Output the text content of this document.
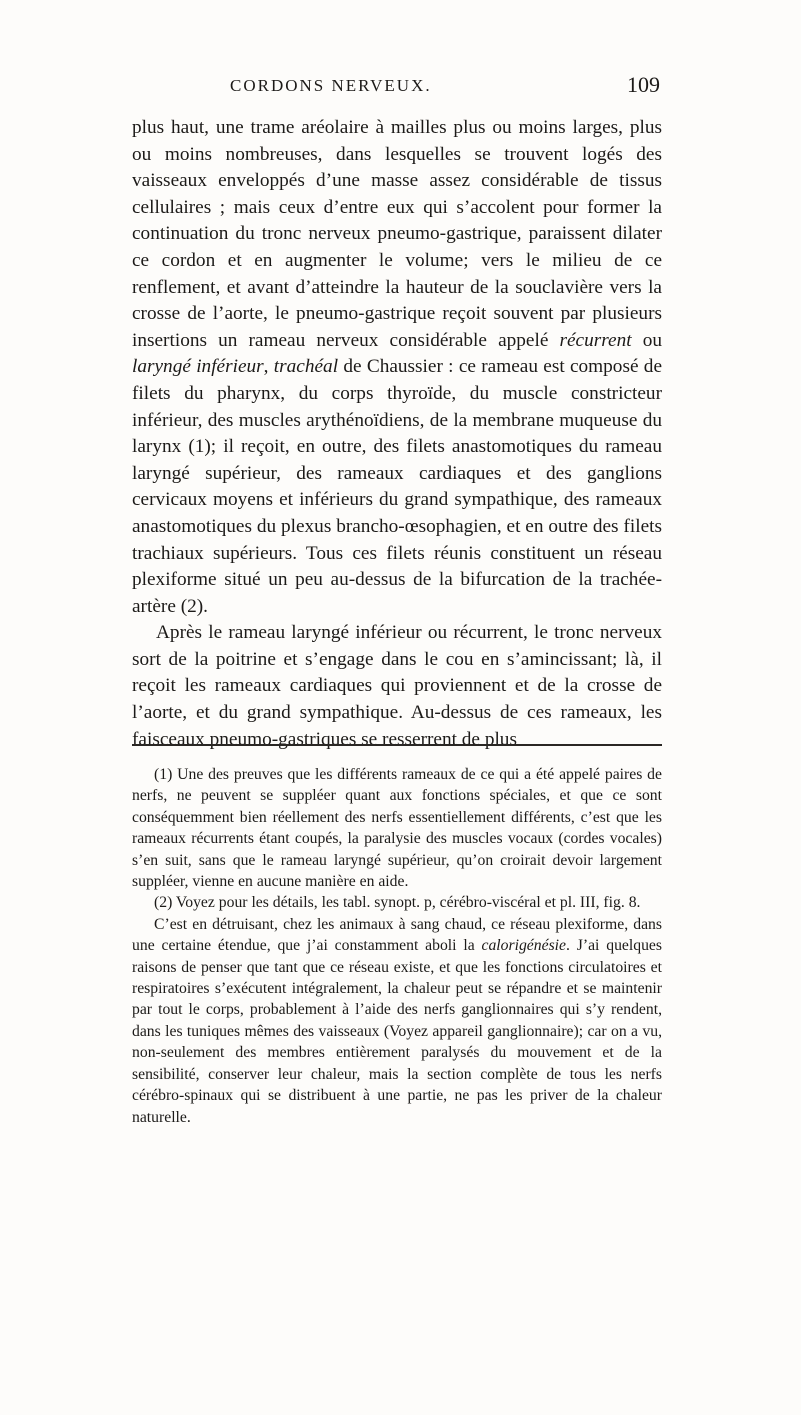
CORDONS NERVEUX.	109

plus haut, une trame aréolaire à mailles plus ou moins larges, plus ou moins nombreuses, dans lesquelles se trouvent logés des vaisseaux enveloppés d’une masse assez considérable de tissus cellulaires ; mais ceux d’entre eux qui s’accolent pour former la continuation du tronc nerveux pneumo-gastrique, paraissent dilater ce cordon et en augmenter le volume; vers le milieu de ce renflement, et avant d’atteindre la hauteur de la souclavière vers la crosse de l’aorte, le pneumo-gastrique reçoit souvent par plusieurs insertions un rameau nerveux considérable appelé récurrent ou laryngé inférieur, trachéal de Chaussier : ce rameau est composé de filets du pharynx, du corps thyroïde, du muscle constricteur inférieur, des muscles arythénoïdiens, de la membrane muqueuse du larynx (1); il reçoit, en outre, des filets anastomotiques du rameau laryngé supérieur, des rameaux cardiaques et des ganglions cervicaux moyens et inférieurs du grand sympathique, des rameaux anastomotiques du plexus brancho-œsophagien, et en outre des filets trachiaux supérieurs. Tous ces filets réunis constituent un réseau plexiforme situé un peu au-dessus de la bifurcation de la trachée-artère (2).

Après le rameau laryngé inférieur ou récurrent, le tronc nerveux sort de la poitrine et s’engage dans le cou en s’amincissant; là, il reçoit les rameaux cardiaques qui proviennent et de la crosse de l’aorte, et du grand sympathique. Au-dessus de ces rameaux, les faisceaux pneumo-gastriques se resserrent de plus

(1) Une des preuves que les différents rameaux de ce qui a été appelé paires de nerfs, ne peuvent se suppléer quant aux fonctions spéciales, et que ce sont conséquemment bien réellement des nerfs essentiellement différents, c’est que les rameaux récurrents étant coupés, la paralysie des muscles vocaux (cordes vocales) s’en suit, sans que le rameau laryngé supérieur, qu’on croirait devoir largement suppléer, vienne en aucune manière en aide.

(2) Voyez pour les détails, les tabl. synopt. p, cérébro-viscéral et pl. III, fig. 8.

C’est en détruisant, chez les animaux à sang chaud, ce réseau plexiforme, dans une certaine étendue, que j’ai constamment aboli la calorigénésie. J’ai quelques raisons de penser que tant que ce réseau existe, et que les fonctions circulatoires et respiratoires s’exécutent intégralement, la chaleur peut se répandre et se maintenir par tout le corps, probablement à l’aide des nerfs ganglionnaires qui s’y rendent, dans les tuniques mêmes des vaisseaux (Voyez appareil ganglionnaire); car on a vu, non-seulement des membres entièrement paralysés du mouvement et de la sensibilité, conserver leur chaleur, mais la section complète de tous les nerfs cérébro-spinaux qui se distribuent à une partie, ne pas les priver de la chaleur naturelle.
